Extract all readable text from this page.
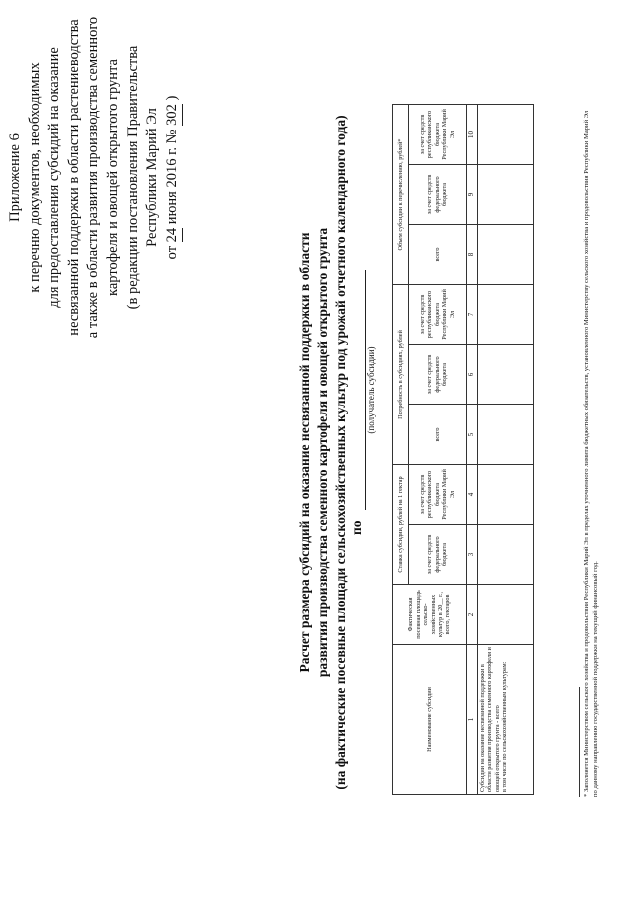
Приложение 6 к перечню документов, необходимых для предоставления субсидий на оказание несвязанной поддержки в области растениеводства а также в области развития производства семенного картофеля и овощей открытого грунта (в редакции постановления Правительства Республики Марий Эл
от 24 июня 2016 г. № 302 )
Расчет размера субсидий на оказание несвязанной поддержки в области развития производства семенного картофеля и овощей открытого грунта (на фактические посевные площади сельскохозяйственных культур под урожай отчетного календарного года) по
(получатель субсидии)
Наименование субсидии	Фактическая посевная площадь сельско-хозяйственных культур в 20__ г., всего, гектаров	Ставка субсидии, рублей на 1 гектар		Потребность в субсидиях, рублей			Объем субсидии к перечислению, рублей*		
		за счет средств федерального бюджета	за счет средств республиканского бюджета Республики Марий Эл	всего	за счет средств федерального бюджета	за счет средств республиканского бюджета Республики Марий Эл	всего	за счет средств федерального бюджета	за счет средств республиканского бюджета Республики Марий Эл
1	2	3	4	5	6	7	8	9	10

Субсидии на оказание несвязанной поддержки в области развития производства семенного картофеля и овощей открытого грунта - всего в том числе по сельскохозяйственным культурам:									
										* Заполняется Министерством сельского хозяйства и продовольствия Республики Марий Эл в пределах уточненного лимита бюджетных обязательств, установленного Министерству сельского хозяйства и продовольствия Республики Марий Эл по данному направлению государственной поддержки на текущий финансовый год.
